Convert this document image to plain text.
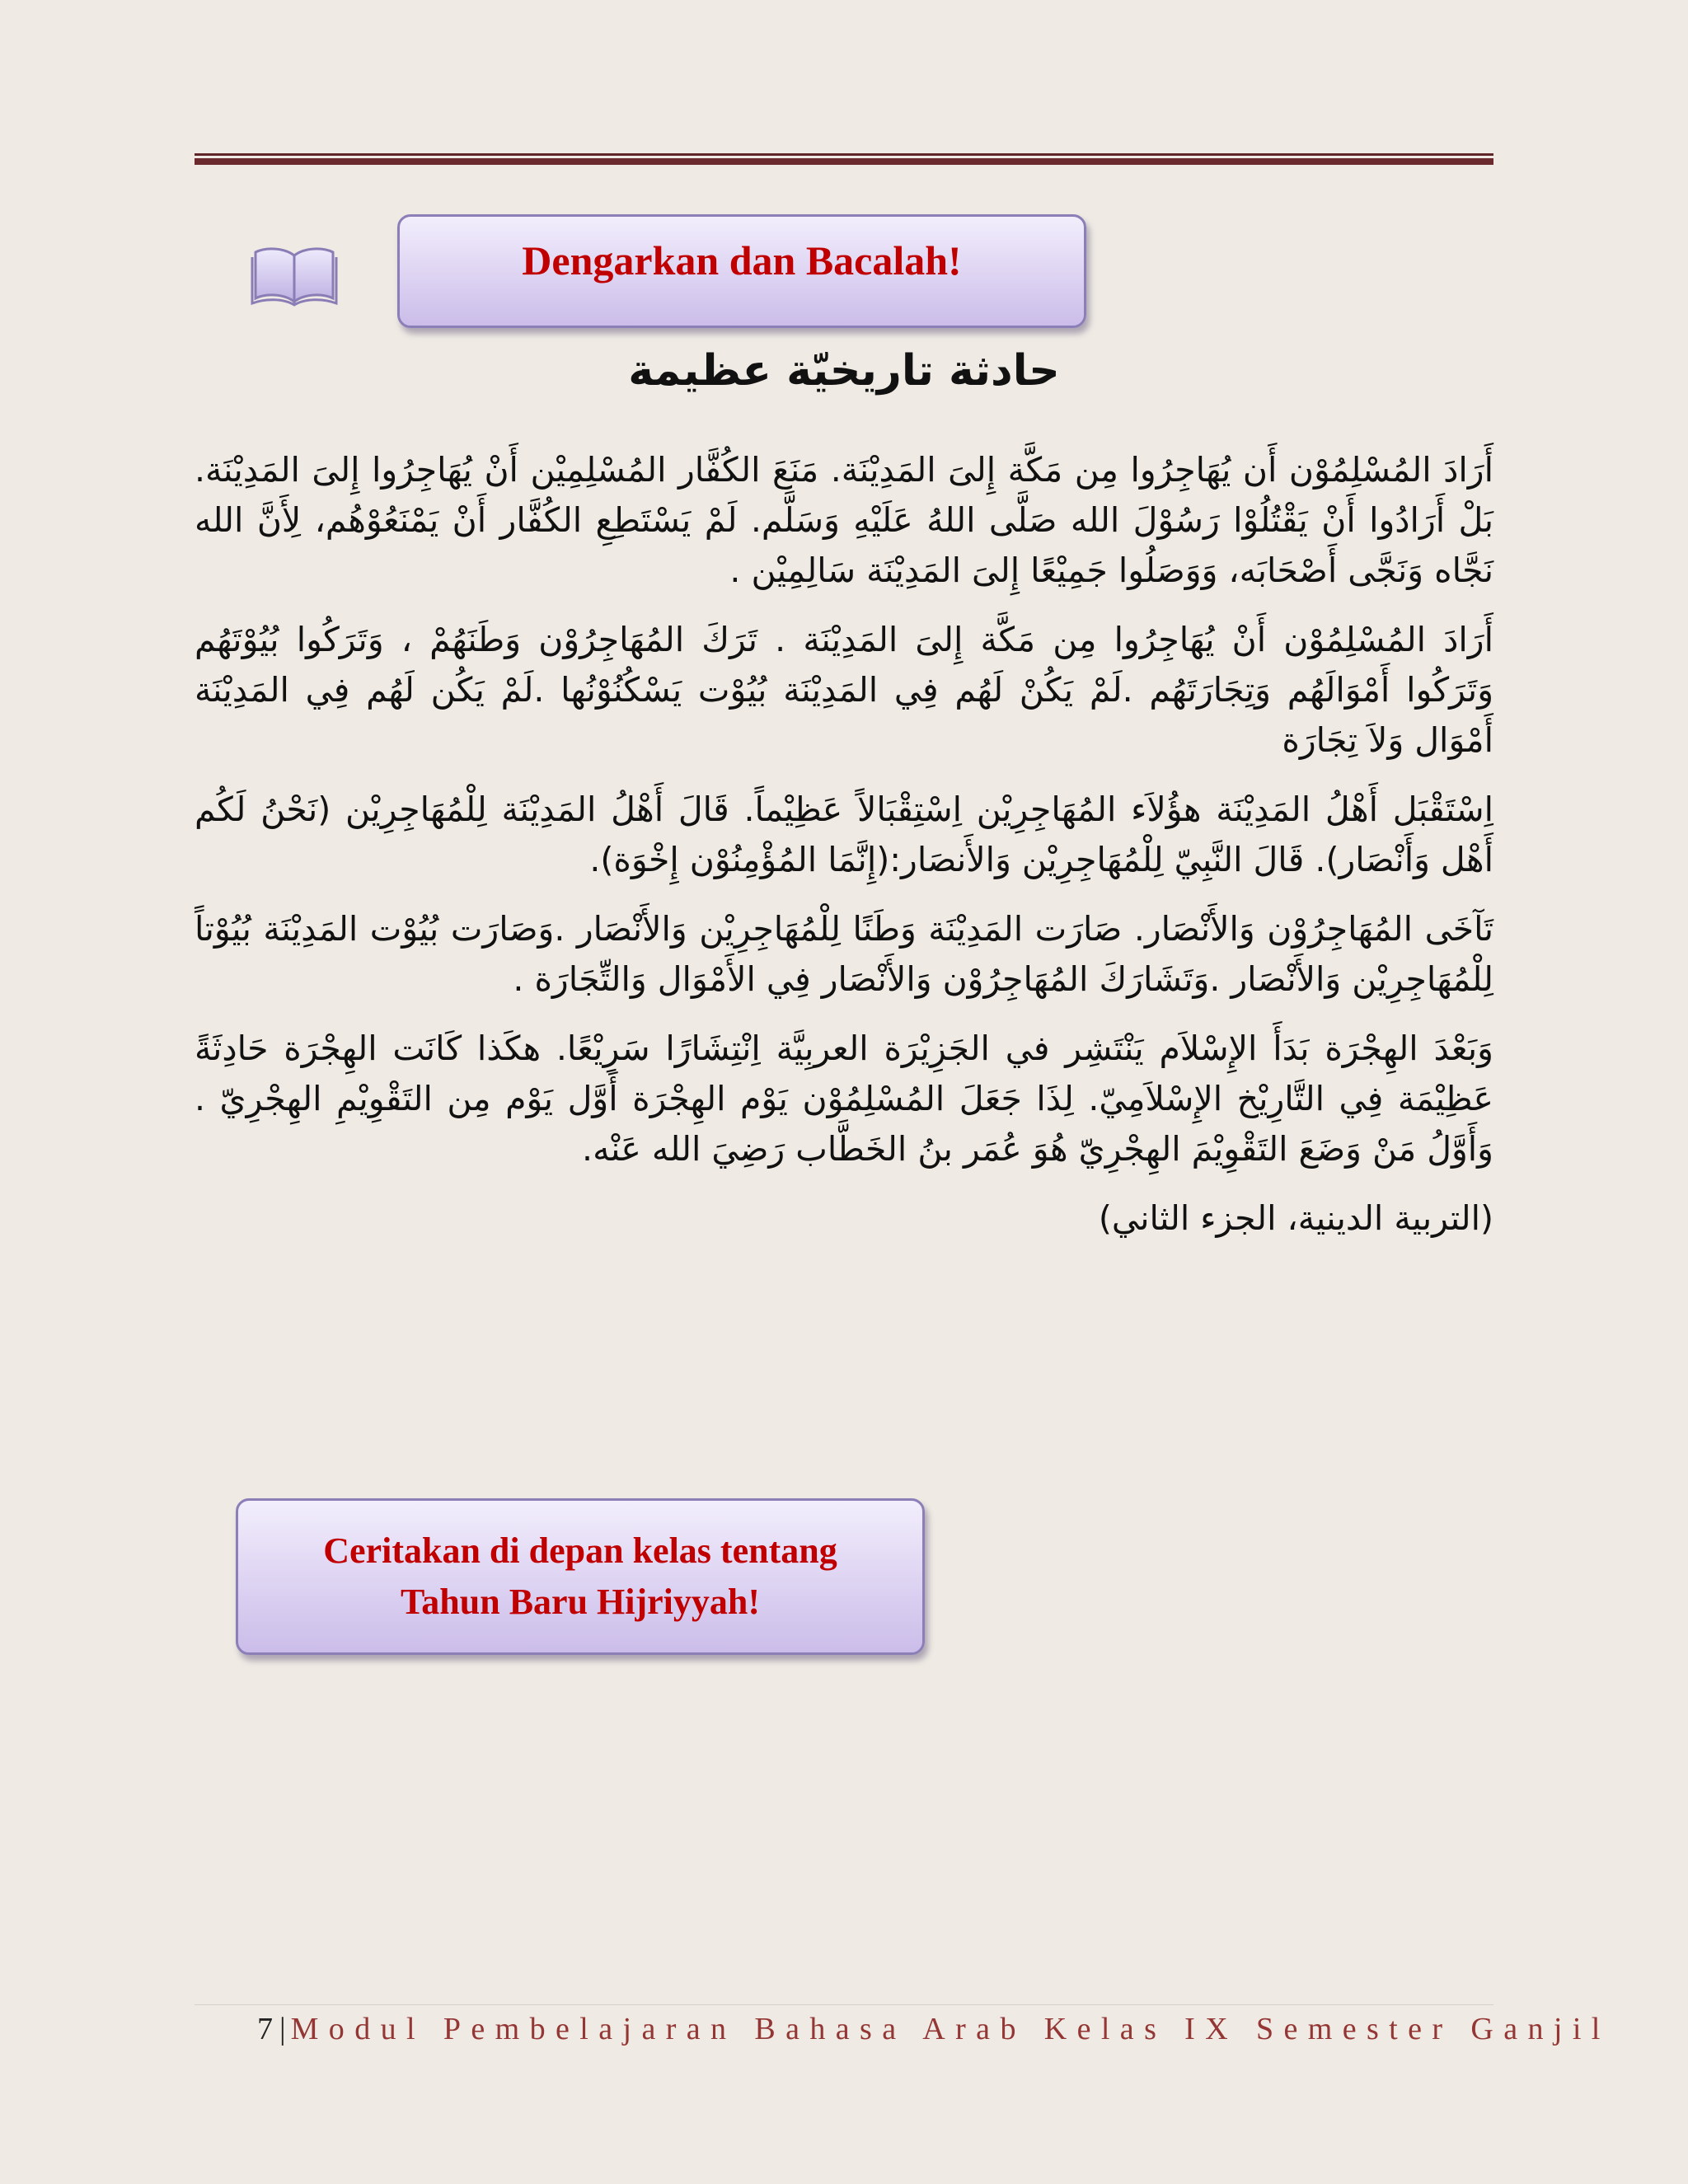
Dengarkan dan Bacalah!
حادثة تاريخيّة عظيمة

أَرَادَ المُسْلِمُوْن أَن يُهَاجِرُوا مِن مَكَّة إِلىَ المَدِيْنَة. مَنَعَ الكُفَّار المُسْلِمِيْن أَنْ يُهَاجِرُوا إِلىَ المَدِيْنَة. بَلْ أَرَادُوا أَنْ يَقْتُلُوْا رَسُوْلَ الله صَلَّى اللهُ عَلَيْهِ وَسَلَّم. لَمْ يَسْتَطِعِ الكُفَّار أَنْ يَمْنَعُوْهُم، لِأَنَّ الله نَجَّاه وَنَجَّى أَصْحَابَه، وَوَصَلُوا جَمِيْعًا إِلىَ المَدِيْنَة سَالِمِيْن .

أَرَادَ المُسْلِمُوْن أَنْ يُهَاجِرُوا مِن مَكَّة إِلىَ المَدِيْنَة . تَرَكَ المُهَاجِرُوْن وَطَنَهُمْ ، وَتَرَكُوا بُيُوْتَهُم وَتَرَكُوا أَمْوَالَهُم وَتِجَارَتَهُم .لَمْ يَكُنْ لَهُم فِي المَدِيْنَة بُيُوْت يَسْكُنُوْنُها .لَمْ يَكُن لَهُم فِي المَدِيْنَة أَمْوَال وَلاَ تِجَارَة

اِسْتَقْبَل أَهْلُ المَدِيْنَة هؤُلاَء المُهَاجِرِيْن اِسْتِقْبَالاً عَظِيْماً. قَالَ أَهْلُ المَدِيْنَة لِلْمُهَاجِرِيْن (نَحْنُ لَكُم أَهْل وَأَنْصَار). قَالَ النَّبِيّ لِلْمُهَاجِرِيْن وَالأَنصَار:(إِنَّمَا المُؤْمِنُوْن إِخْوَة).

تَآخَى المُهَاجِرُوْن وَالأَنْصَار. صَارَت المَدِيْنَة وَطَنًا لِلْمُهَاجِرِيْن وَالأَنْصَار .وَصَارَت بُيُوْت المَدِيْنَة بُيُوْتاً لِلْمُهَاجِرِيْن وَالأَنْصَار .وَتَشَارَكَ المُهَاجِرُوْن وَالأَنْصَار فِي الأَمْوَال وَالتِّجَارَة .

وَبَعْدَ الهِجْرَة بَدَأَ الإِسْلاَم يَنْتَشِر في الجَزِيْرَة العربِيَّة اِنْتِشَارًا سَرِيْعًا. هكَذا كَانَت الهِجْرَة حَادِثَةً عَظِيْمَة فِي التَّارِيْخ الإِسْلاَمِيّ. لِذَا جَعَلَ المُسْلِمُوْن يَوْم الهِجْرَة أَوَّل يَوْم مِن التَقْوِيْمِ الهِجْرِيّ . وَأَوَّلُ مَنْ وَضَعَ التَقْوِيْمَ الهِجْرِيّ هُوَ عُمَر بنُ الخَطَّاب رَضِيَ الله عَنْه.

(التربية الدينية، الجزء الثاني)

Ceritakan di depan kelas tentang
Tahun Baru Hijriyyah!
7 | Modul Pembelajaran Bahasa Arab Kelas IX Semester Ganjil
